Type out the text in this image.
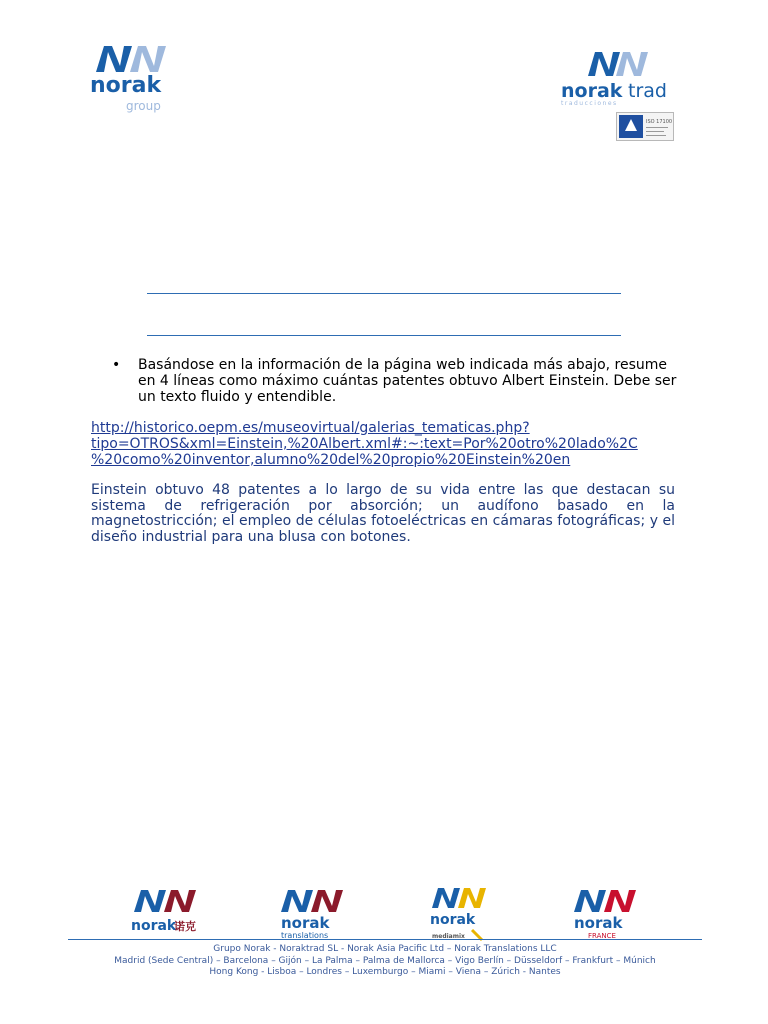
norak
group
norak trad
traducciones
ISO 17100
• Basándose en la información de la página web indicada más abajo, resume en 4 líneas como máximo cuántas patentes obtuvo Albert Einstein. Debe ser un texto fluido y entendible.
http://historico.oepm.es/museovirtual/galerias_tematicas.php?
tipo=OTROS&xml=Einstein,%20Albert.xml#:~:text=Por%20otro%20lado%2C
%20como%20inventor,alumno%20del%20propio%20Einstein%20en
Einstein obtuvo 48 patentes a lo largo de su vida entre las que destacan su sistema de refrigeración por absorción; un audífono basado en la magnetostricción; el empleo de células fotoeléctricas en cámaras fotográficas; y el diseño industrial para una blusa con botones.
norak
诺克	norak
translations
norak
mediamix
norak
FRANCE
Grupo Norak - Noraktrad SL - Norak Asia Pacific Ltd – Norak Translations LLC
Madrid (Sede Central) – Barcelona – Gijón – La Palma – Palma de Mallorca – Vigo Berlín – Düsseldorf – Frankfurt – Múnich
Hong Kong - Lisboa – Londres – Luxemburgo – Miami – Viena – Zúrich - Nantes
